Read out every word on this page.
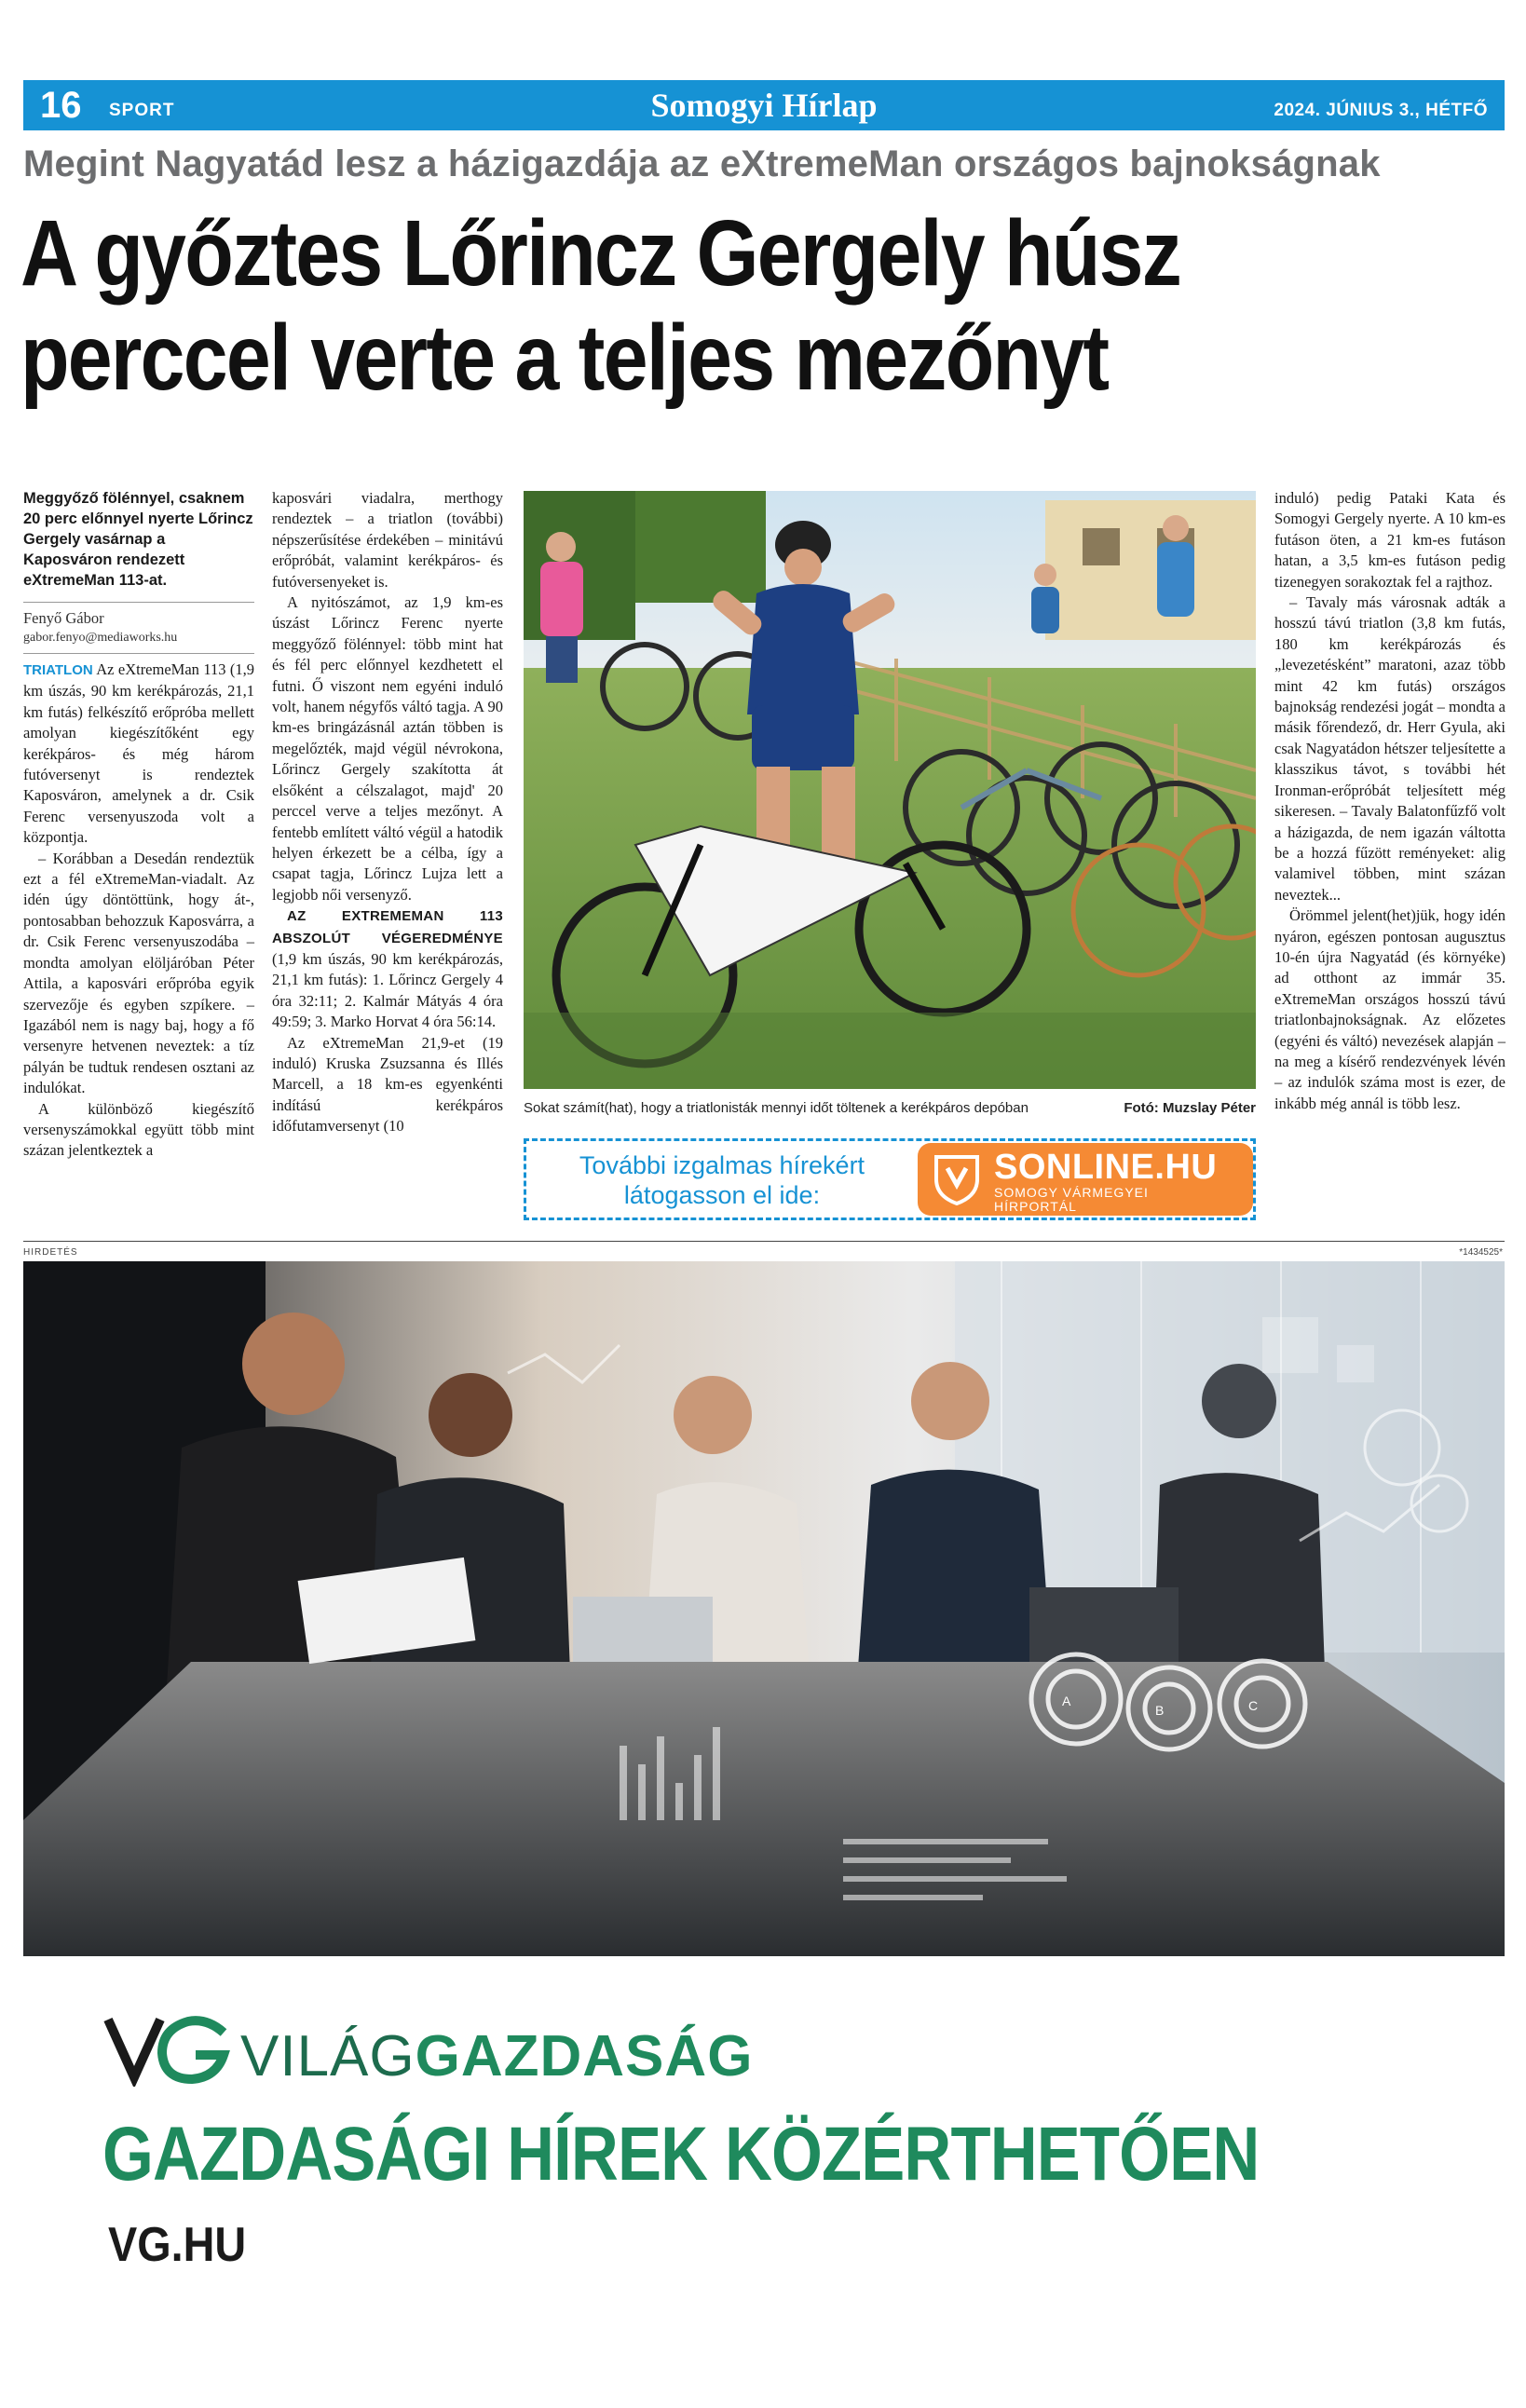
16 SPORT	Somogyi Hírlap	2024. JÚNIUS 3., HÉTFŐ
Megint Nagyatád lesz a házigazdája az eXtremeMan országos bajnokságnak
A győztes Lőrincz Gergely húsz
perccel verte a teljes mezőnyt
Meggyőző fölénnyel, csaknem 20 perc előnnyel nyerte Lőrincz Gergely vasárnap a Kaposváron rendezett eXtremeMan 113-at.
Fenyő Gábor
gabor.fenyo@mediaworks.hu

TRIATLON Az eXtremeMan 113 (1,9 km úszás, 90 km kerékpározás, 21,1 km futás) felkészítő erőpróba mellett amolyan kiegészítőként egy kerékpáros- és még három futóversenyt is rendeztek Kaposváron, amelynek a dr. Csik Ferenc versenyuszoda volt a központja.

– Korábban a Desedán rendeztük ezt a fél eXtremeMan-viadalt. Az idén úgy döntöttünk, hogy át-, pontosabban behozzuk Kaposvárra, a dr. Csik Ferenc versenyuszodába – mondta amolyan elöljáróban Péter Attila, a kaposvári erőpróba egyik szervezője és egyben szpíkere. – Igazából nem is nagy baj, hogy a fő versenyre hetvenen neveztek: a tíz pályán be tudtuk rendesen osztani az indulókat.

A különböző kiegészítő versenyszámokkal együtt több mint százan jelentkeztek a

kaposvári viadalra, merthogy rendeztek – a triatlon (további) népszerűsítése érdekében – minitávú erőpróbát, valamint kerékpáros- és futóversenyeket is.

A nyitószámot, az 1,9 km-es úszást Lőrincz Ferenc nyerte meggyőző fölénnyel: több mint hat és fél perc előnnyel kezdhetett el futni. Ő viszont nem egyéni induló volt, hanem négyfős váltó tagja. A 90 km-es bringázásnál aztán többen is megelőzték, majd végül névrokona, Lőrincz Gergely szakította át elsőként a célszalagot, majd' 20 perccel verve a teljes mezőnyt. A fentebb említett váltó végül a hatodik helyen érkezett be a célba, így a csapat tagja, Lőrincz Lujza lett a legjobb női versenyző.

AZ EXTREMEMAN 113 ABSZOLÚT VÉGEREDMÉNYE (1,9 km úszás, 90 km kerékpározás, 21,1 km futás): 1. Lőrincz Gergely 4 óra 32:11; 2. Kalmár Mátyás 4 óra 49:59; 3. Marko Horvat 4 óra 56:14.

Az eXtremeMan 21,9-et (19 induló) Kruska Zsuzsanna és Illés Marcell, a 18 km-es egyenkénti indítású kerékpáros időfutamversenyt (10

Sokat számít(hat), hogy a triatlonisták mennyi időt töltenek a kerékpáros depóban	Fotó: Muzslay Péter
További izgalmas hírekért
látogasson el ide:
SONLINE.HU
SOMOGY VÁRMEGYEI
HÍRPORTÁL

induló) pedig Pataki Kata és Somogyi Gergely nyerte. A 10 km-es futáson öten, a 21 km-es futáson hatan, a 3,5 km-es futáson pedig tizenegyen sorakoztak fel a rajthoz.

– Tavaly más városnak adták a hosszú távú triatlon (3,8 km futás, 180 km kerékpározás és „levezetésként” maratoni, azaz több mint 42 km futás) országos bajnokság rendezési jogát – mondta a másik főrendező, dr. Herr Gyula, aki csak Nagyatádon hétszer teljesítette a klasszikus távot, s további hét Ironman-erőpróbát teljesített még sikeresen. – Tavaly Balatonfűzfő volt a házigazda, de nem igazán váltotta be a hozzá fűzött reményeket: alig valamivel többen, mint százan neveztek...

Örömmel jelent(het)jük, hogy idén nyáron, egészen pontosan augusztus 10-én újra Nagyatád (és környéke) ad otthont az immár 35. eXtremeMan országos hosszú távú triatlonbajnokságnak. Az előzetes (egyéni és váltó) nevezések alapján – na meg a kísérő rendezvények lévén – az indulók száma most is ezer, de inkább még annál is több lesz.

HIRDETÉS	*1434525*
A
B	C
VILÁGGAZDASÁG
GAZDASÁGI HÍREK KÖZÉRTHETŐEN
VG.HU
